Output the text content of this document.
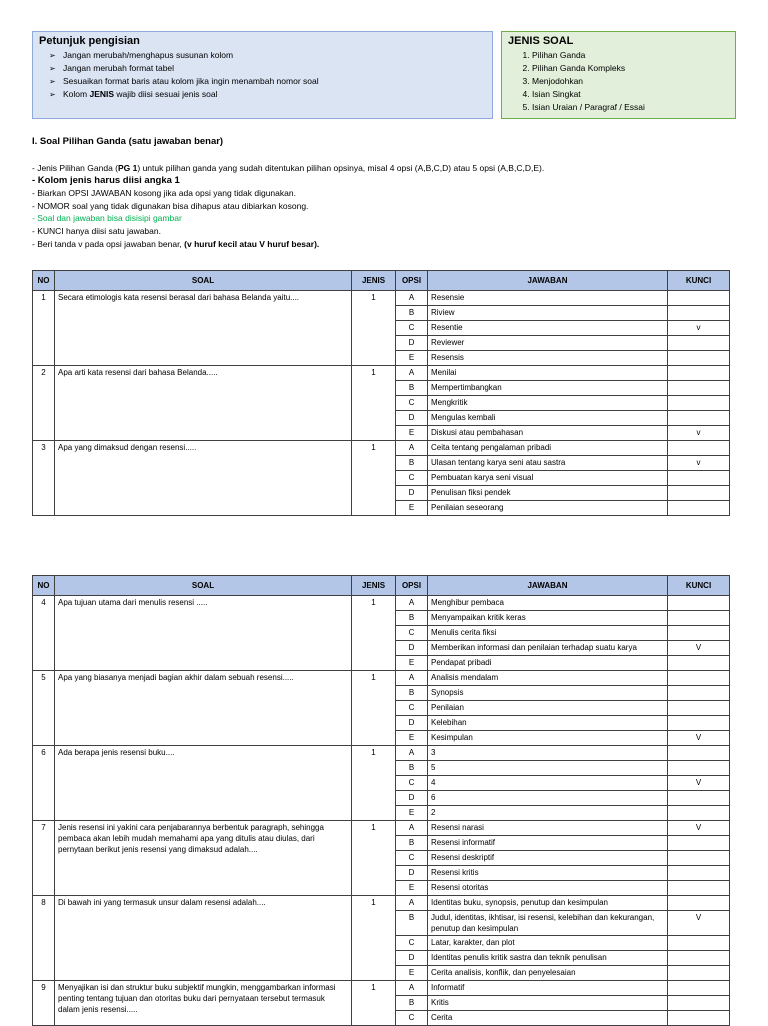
Petunjuk pengisian
➢ Jangan merubah/menghapus susunan kolom
➢ Jangan merubah format tabel
➢ Sesuaikan format baris atau kolom jika ingin menambah nomor soal
➢ Kolom JENIS wajib diisi sesuai jenis soal
JENIS SOAL
1. Pilihan Ganda
2. Pilihan Ganda Kompleks
3. Menjodohkan
4. Isian Singkat
5. Isian Uraian / Paragraf / Essai
I. Soal Pilihan Ganda (satu jawaban benar)
- Jenis Pilihan Ganda (PG 1) untuk pilihan ganda yang sudah ditentukan pilihan opsinya, misal 4 opsi (A,B,C,D) atau 5 opsi (A,B,C,D,E).
- Kolom jenis harus diisi angka 1
- Biarkan OPSI JAWABAN kosong jika ada opsi yang tidak digunakan.
- NOMOR soal yang tidak digunakan bisa dihapus atau dibiarkan kosong.
- Soal dan jawaban bisa disisipi gambar
- KUNCI hanya diisi satu jawaban.
- Beri tanda v pada opsi jawaban benar, (v huruf kecil atau V huruf besar).
NO	SOAL	JENIS	OPSI	JAWABAN	KUNCI
1	Secara etimologis kata resensi berasal dari bahasa Belanda yaitu....	1	A	Resensie	
			B	Riview	
			C	Resentie	v
			D	Reviewer	
			E	Resensis	
2	Apa arti kata resensi dari bahasa Belanda.....	1	A	Menilai	
			B	Mempertimbangkan	
			C	Mengkritik	
			D	Mengulas kembali	
			E	Diskusi atau pembahasan	v
3	Apa yang dimaksud dengan resensi.....	1	A	Ceita tentang pengalaman pribadi	
			B	Ulasan tentang karya seni atau sastra	v
			C	Pembuatan karya seni visual	
			D	Penulisan fiksi pendek	
			E	Penilaian seseorang	
NO	SOAL	JENIS	OPSI	JAWABAN	KUNCI
4	Apa tujuan utama dari menulis resensi .....	1	A	Menghibur pembaca	
			B	Menyampaikan kritik keras	
			C	Menulis cerita fiksi	
			D	Memberikan informasi dan penilaian terhadap suatu karya	V
			E	Pendapat pribadi	
5	Apa yang biasanya menjadi bagian akhir dalam sebuah resensi.....	1	A	Analisis mendalam	
			B	Synopsis	
			C	Penilaian	
			D	Kelebihan	
			E	Kesimpulan	V
6	Ada berapa jenis resensi buku....	1	A	3	
			B	5	
			C	4	V
			D	6	
			E	2	
7	Jenis resensi ini yakini cara penjabarannya berbentuk paragraph, sehingga pembaca akan lebih mudah memahami apa yang ditulis atau diulas, dari pernytaan berikut jenis resensi yang dimaksud adalah....	1	A	Resensi narasi	V
			B	Resensi informatif	
			C	Resensi deskriptif	
			D	Resensi kritis	
			E	Resensi otoritas	
8	Di bawah ini yang termasuk unsur dalam resensi adalah....	1	A	Identitas buku, synopsis, penutup dan kesimpulan	
			B	Judul, identitas, ikhtisar, isi resensi, kelebihan dan kekurangan, penutup dan kesimpulan	V
			C	Latar, karakter, dan plot	
			D	Identitas penulis kritik sastra dan teknik penulisan	
			E	Cerita analisis, konflik, dan penyelesaian	
9	Menyajikan isi dan struktur buku subjektif mungkin, menggambarkan informasi penting tentang tujuan dan otoritas buku dari pernyataan tersebut termasuk dalam jenis resensi.....	1	A	Informatif	
			B	Kritis	
			C	Cerita	
